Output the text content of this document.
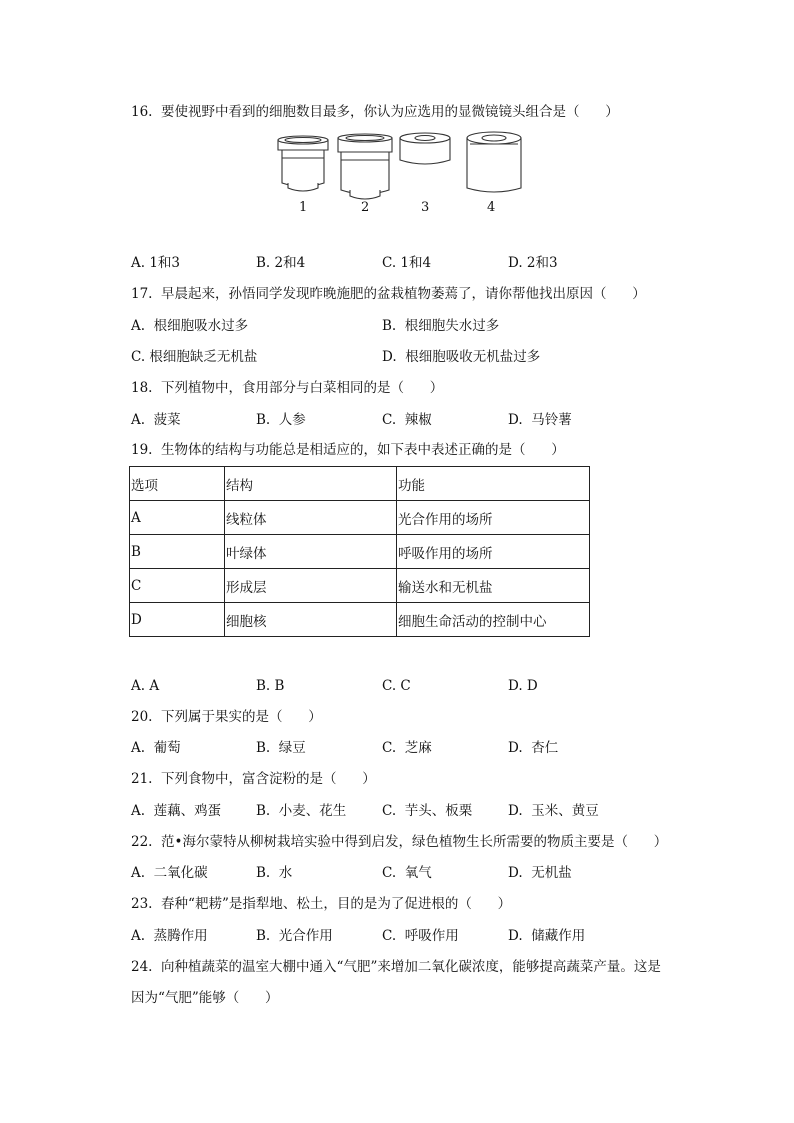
16.  要使视野中看到的细胞数目最多，你认为应选用的显微镜镜头组合是（      ）
1	2	3	4
A. 1和3	B. 2和4	C. 1和4	D. 2和3
17.  早晨起来，孙悟同学发现昨晚施肥的盆栽植物萎蔫了，请你帮他找出原因（      ）
A.  根细胞吸水过多	B.  根细胞失水过多
C. 根细胞缺乏无机盐	D.  根细胞吸收无机盐过多
18.  下列植物中，食用部分与白菜相同的是（      ）
A.  菠菜	B.  人参	C.  辣椒	D.  马铃薯
19.  生物体的结构与功能总是相适应的，如下表中表述正确的是（      ）
选项	结构	功能
A	线粒体	光合作用的场所
B	叶绿体	呼吸作用的场所
C	形成层	输送水和无机盐
D	细胞核	细胞生命活动的控制中心
A. A	B. B	C. C	D. D
20.  下列属于果实的是（      ）
A.  葡萄	B.  绿豆	C.  芝麻	D.  杏仁
21.  下列食物中，富含淀粉的是（      ）
A.  莲藕、鸡蛋	B.  小麦、花生	C.  芋头、板栗	D.  玉米、黄豆
22.  范•海尔蒙特从柳树栽培实验中得到启发，绿色植物生长所需要的物质主要是（      ）
A.  二氧化碳	B.  水	C.  氧气	D.  无机盐
23.  春种“耙耢”是指犁地、松土，目的是为了促进根的（      ）
A.  蒸腾作用	B.  光合作用	C.  呼吸作用	D.  储藏作用
24.  向种植蔬菜的温室大棚中通入“气肥”来增加二氧化碳浓度，能够提高蔬菜产量。这是
因为“气肥”能够（      ）
